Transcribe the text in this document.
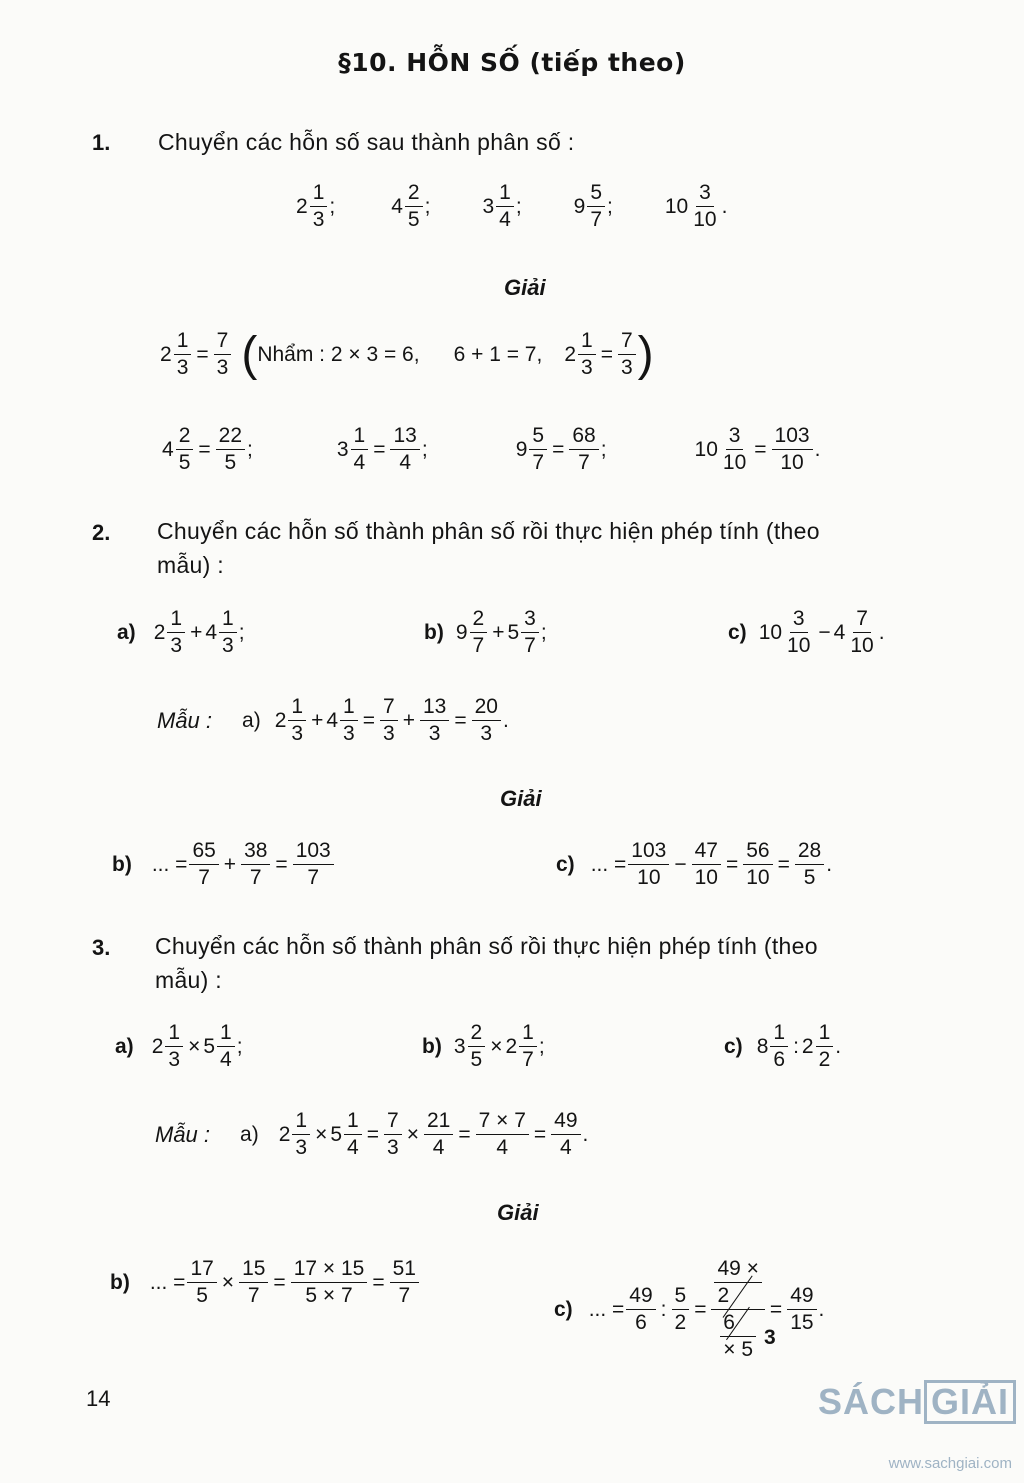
§10. HỖN SỐ (tiếp theo)
1. Chuyển các hỗn số sau thành phân số :
2
1
3
;	4
2
5
; 3
1
4
; 9
5
7
; 10
3
10
.
Giải
$2 \frac{1}{3} = \frac{7}{3}$ ( Nhẩm : 2 × 3 = 6, 6 + 1 = 7, $2 \frac{1}{3} = \frac{7}{3}$ )
$4 \frac{2}{5} = \frac{22}{5}$ ;	$3 \frac{1}{4} = \frac{13}{4}$ ;	$9 \frac{5}{7} = \frac{68}{7}$ ;	$10 \frac{3}{10} = \frac{103}{10}$ .
2. Chuyển các hỗn số thành phân số rồi thực hiện phép tính (theo
mẫu) :
a) 2
1
3
+ 4
1
3
;	b) 9
2
7
+ 5
3
7
;	c) 10
3
10
− 4
7
10
.
Mẫu : a) 2
1
3
+ $4 \frac{1}{3} = \frac{7}{3} + \frac{13}{3} = \frac{20}{3}$ .
Giải
b) ... = $\frac{65}{7} + \frac{38}{7} = \frac{103}{7}$	c) ... = $\frac{103}{10} - \frac{47}{10} = \frac{56}{10} = \frac{28}{5}$ .
3. Chuyển các hỗn số thành phân số rồi thực hiện phép tính (theo
mẫu) :
a) $2 \frac{1}{3} \times 5$
1
4
;	b) $3 \frac{2}{5} \times 2$
1
7
;	c) 8
1
6
: 2
1
2
.
Mẫu : a) $2 \frac{1}{3} \times 5 \frac{1}{4} = \frac{7}{3} \times \frac{21}{4} = \frac{7 \times 7}{4} = \frac{49}{4}$ .
Giải
b) ... = $\frac{17}{5} \times \frac{15}{7} = \frac{17 \times 15}{5 \times 7} = \frac{51}{7}$	c) ... = $\frac{49}{6}$ : $\frac{5}{2} = 49$ ×
2
6
× $5 = \frac{49}{15}$ .
3
14	SÁCH GIẢI
www.sachgiai.com
